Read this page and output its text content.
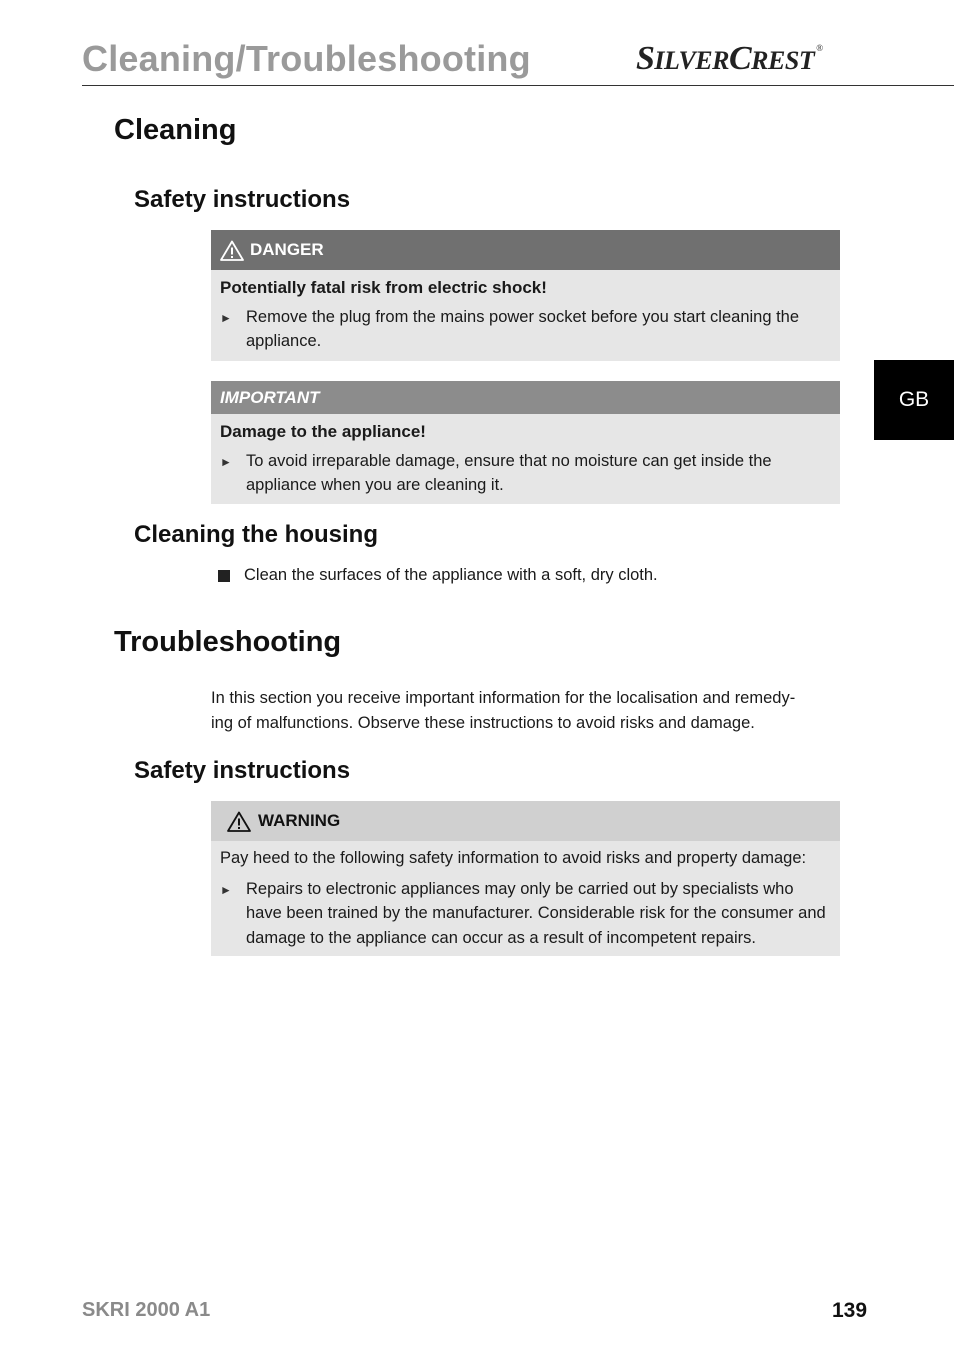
Cleaning/Troubleshooting	SILVERCREST ®
GB
Cleaning
Safety instructions
DANGER
Potentially fatal risk from electric shock!
► Remove the plug from the mains power socket before you start cleaning the appliance.
IMPORTANT
Damage to the appliance!
► To avoid irreparable damage, ensure that no moisture can get inside the appliance when you are cleaning it.
Cleaning the housing
Clean the surfaces of the appliance with a soft, dry cloth.
Troubleshooting
In this section you receive important information for the localisation and remedy-
ing of malfunctions. Observe these instructions to avoid risks and damage.
Safety instructions
WARNING
Pay heed to the following safety information to avoid risks and property damage:
► Repairs to electronic appliances may only be carried out by specialists who have been trained by the manufacturer. Considerable risk for the consumer and damage to the appliance can occur as a result of incompetent repairs.
SKRI 2000 A1	139
